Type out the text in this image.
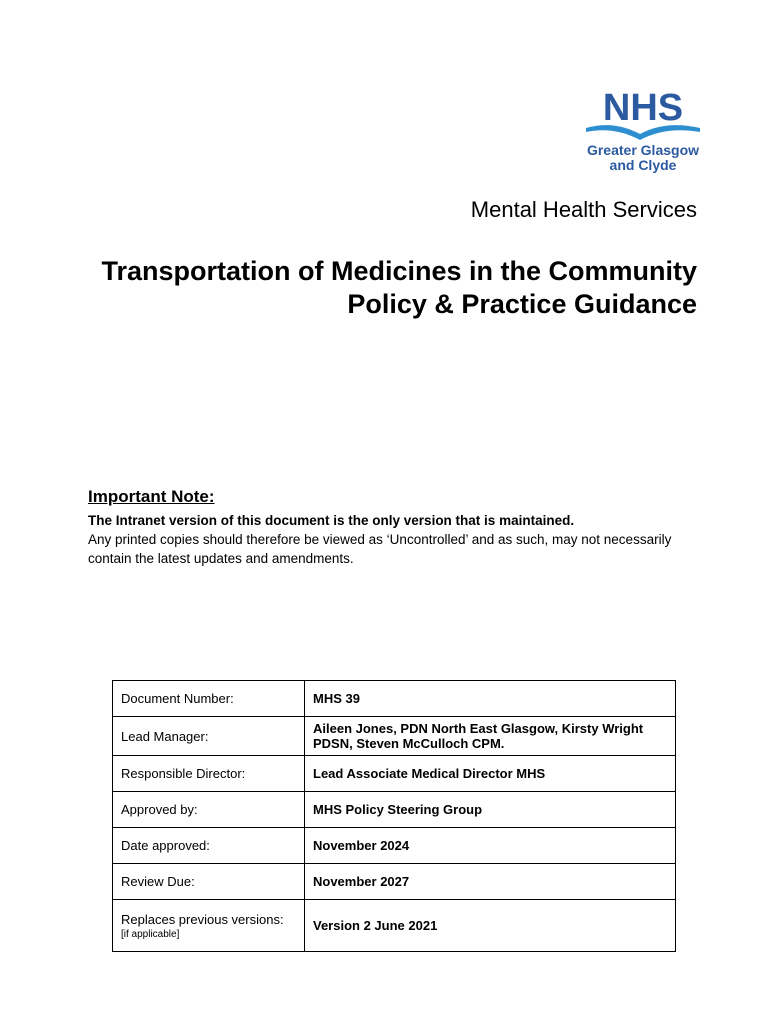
NHS
Greater Glasgow
and Clyde
Mental Health Services
Transportation of Medicines in the Community
Policy & Practice Guidance
Important Note:
The Intranet version of this document is the only version that is maintained.
Any printed copies should therefore be viewed as ‘Uncontrolled’ and as such, may not necessarily contain the latest updates and amendments.
Document Number:	MHS 39
Lead Manager:	Aileen Jones, PDN North East Glasgow, Kirsty Wright PDSN, Steven McCulloch CPM.
Responsible Director:	Lead Associate Medical Director MHS
Approved by:	MHS Policy Steering Group
Date approved:	November 2024
Review Due:	November 2027
Replaces previous versions:
[if applicable]	Version 2 June 2021
